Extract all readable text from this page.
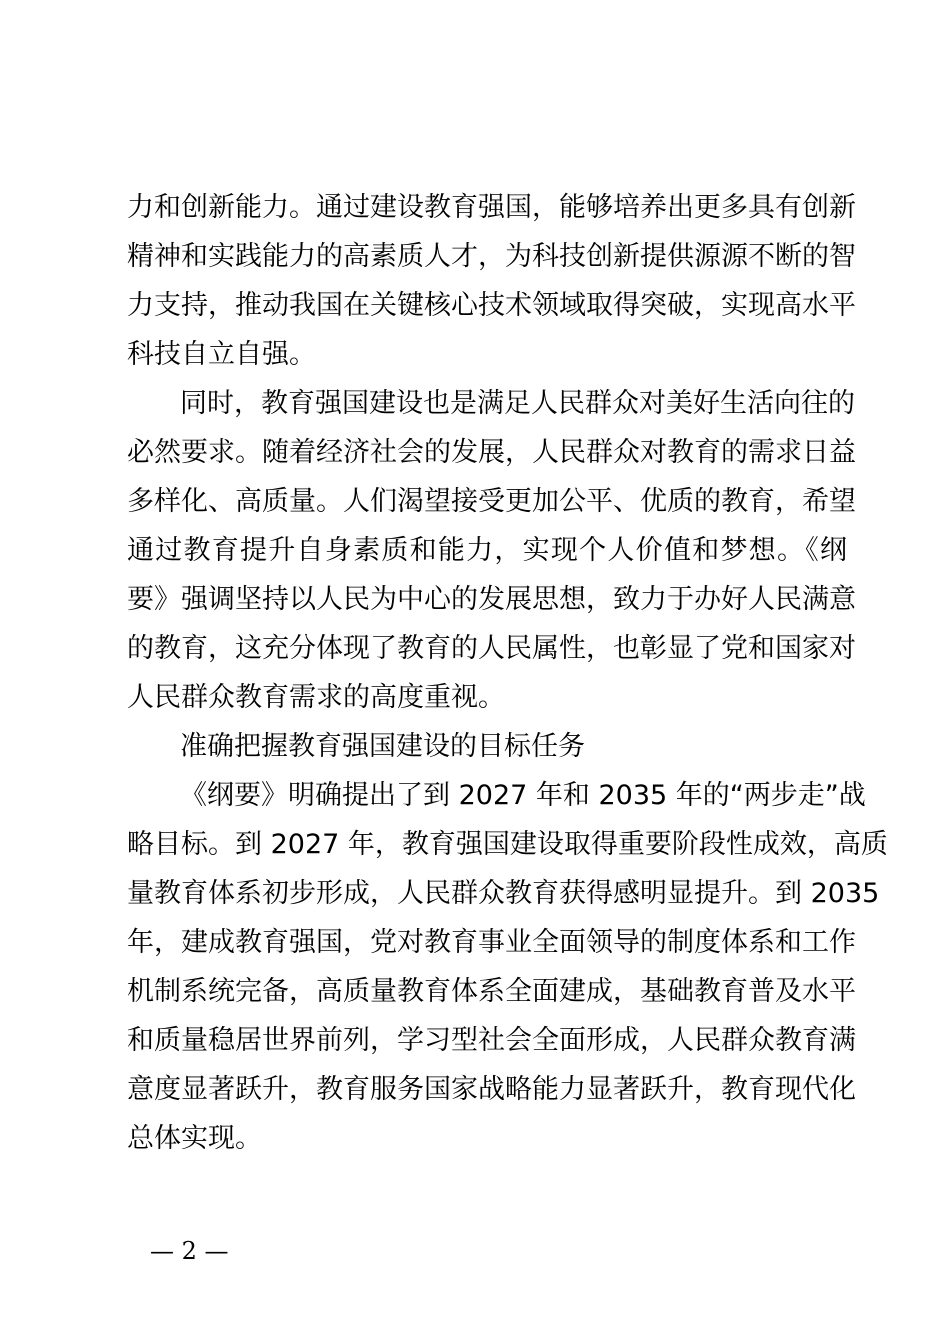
力和创新能力。通过建设教育强国，能够培养出更多具有创新
精神和实践能力的高素质人才，为科技创新提供源源不断的智
力支持，推动我国在关键核心技术领域取得突破，实现高水平
科技自立自强。
同时，教育强国建设也是满足人民群众对美好生活向往的
必然要求。随着经济社会的发展，人民群众对教育的需求日益
多样化、高质量。人们渴望接受更加公平、优质的教育，希望
通过教育提升自身素质和能力，实现个人价值和梦想。《纲
要》强调坚持以人民为中心的发展思想，致力于办好人民满意
的教育，这充分体现了教育的人民属性，也彰显了党和国家对
人民群众教育需求的高度重视。
准确把握教育强国建设的目标任务
《纲要》明确提出了到 2027 年和 2035 年的“两步走”战
略目标。到 2027 年，教育强国建设取得重要阶段性成效，高质
量教育体系初步形成，人民群众教育获得感明显提升。到 2035
年，建成教育强国，党对教育事业全面领导的制度体系和工作
机制系统完备，高质量教育体系全面建成，基础教育普及水平
和质量稳居世界前列，学习型社会全面形成，人民群众教育满
意度显著跃升，教育服务国家战略能力显著跃升，教育现代化
总体实现。
— 2 —
